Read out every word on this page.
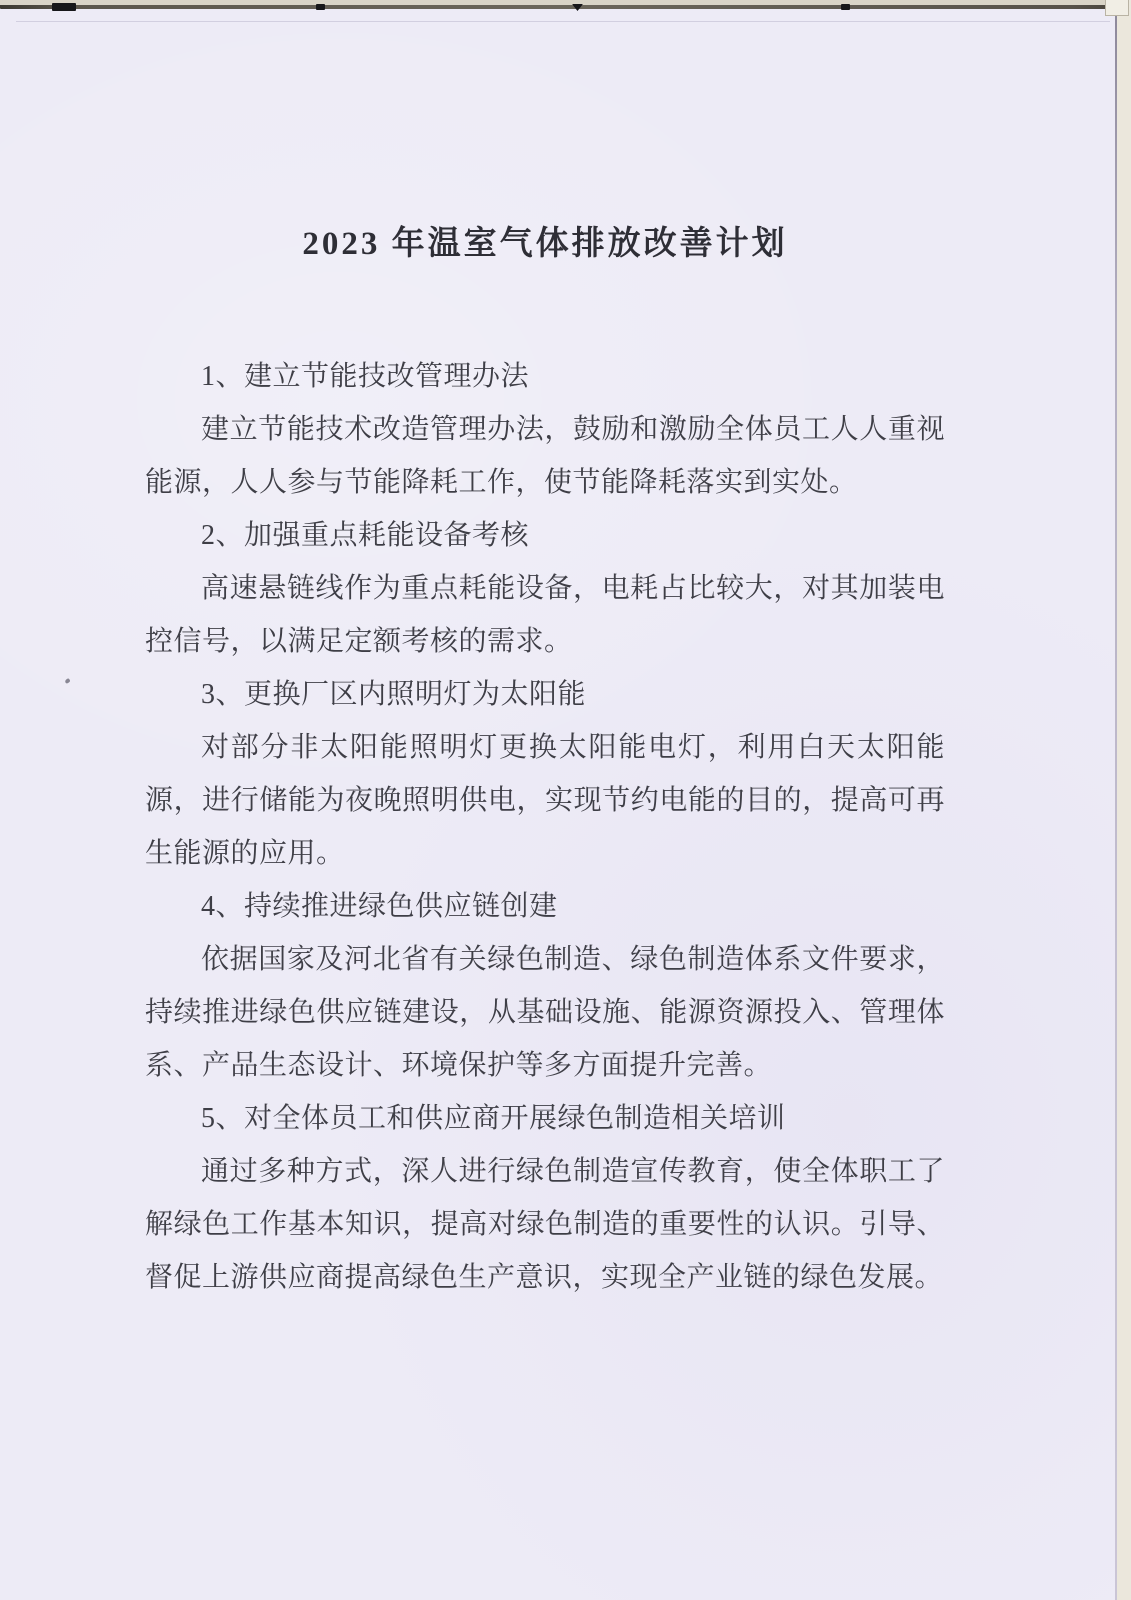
2023 年温室气体排放改善计划

1、建立节能技改管理办法

建立节能技术改造管理办法，鼓励和激励全体员工人人重视能源，人人参与节能降耗工作，使节能降耗落实到实处。

2、加强重点耗能设备考核

高速悬链线作为重点耗能设备，电耗占比较大，对其加装电控信号，以满足定额考核的需求。

3、更换厂区内照明灯为太阳能

对部分非太阳能照明灯更换太阳能电灯，利用白天太阳能源，进行储能为夜晚照明供电，实现节约电能的目的，提高可再生能源的应用。

4、持续推进绿色供应链创建

依据国家及河北省有关绿色制造、绿色制造体系文件要求，持续推进绿色供应链建设，从基础设施、能源资源投入、管理体系、产品生态设计、环境保护等多方面提升完善。

5、对全体员工和供应商开展绿色制造相关培训

通过多种方式，深人进行绿色制造宣传教育，使全体职工了解绿色工作基本知识，提高对绿色制造的重要性的认识。引导、督促上游供应商提高绿色生产意识，实现全产业链的绿色发展。
